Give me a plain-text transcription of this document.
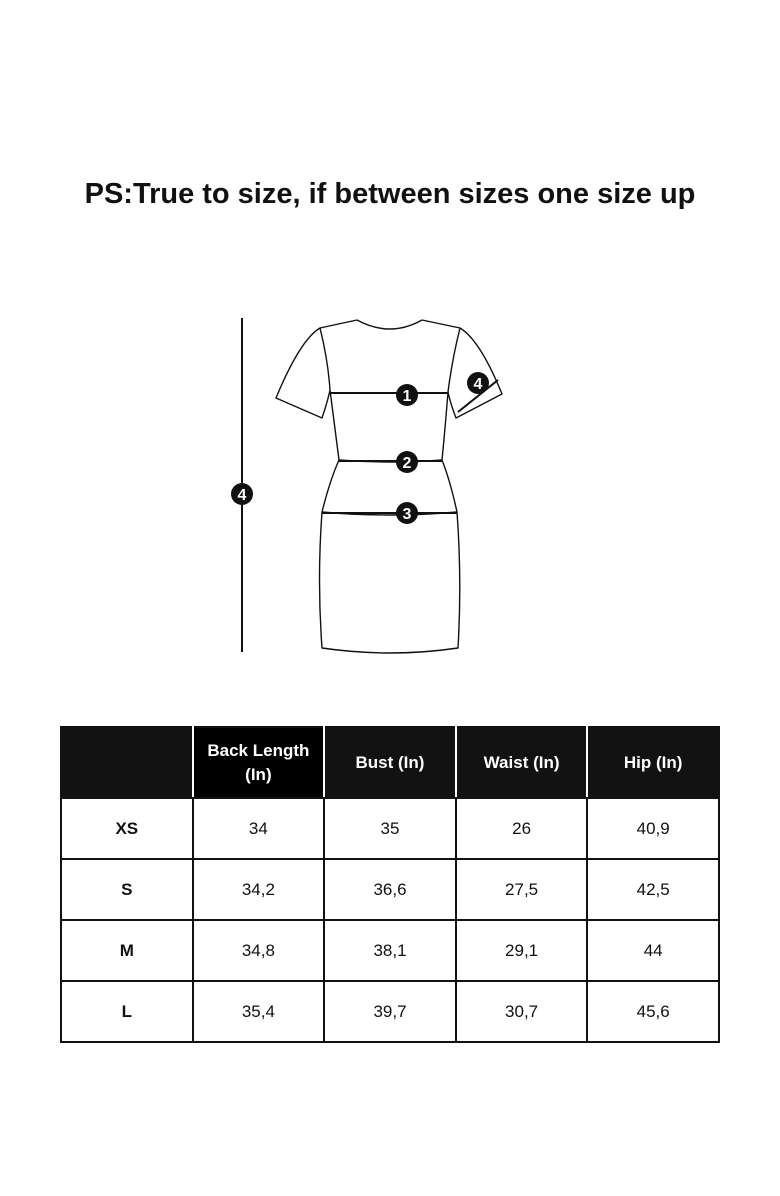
PS:True to size, if between sizes one size up
1
2
3
4
4
	Back Length (In)	Bust (In)	Waist (In)	Hip (In)
XS	34	35	26	40,9
S	34,2	36,6	27,5	42,5
M	34,8	38,1	29,1	44
L	35,4	39,7	30,7	45,6
